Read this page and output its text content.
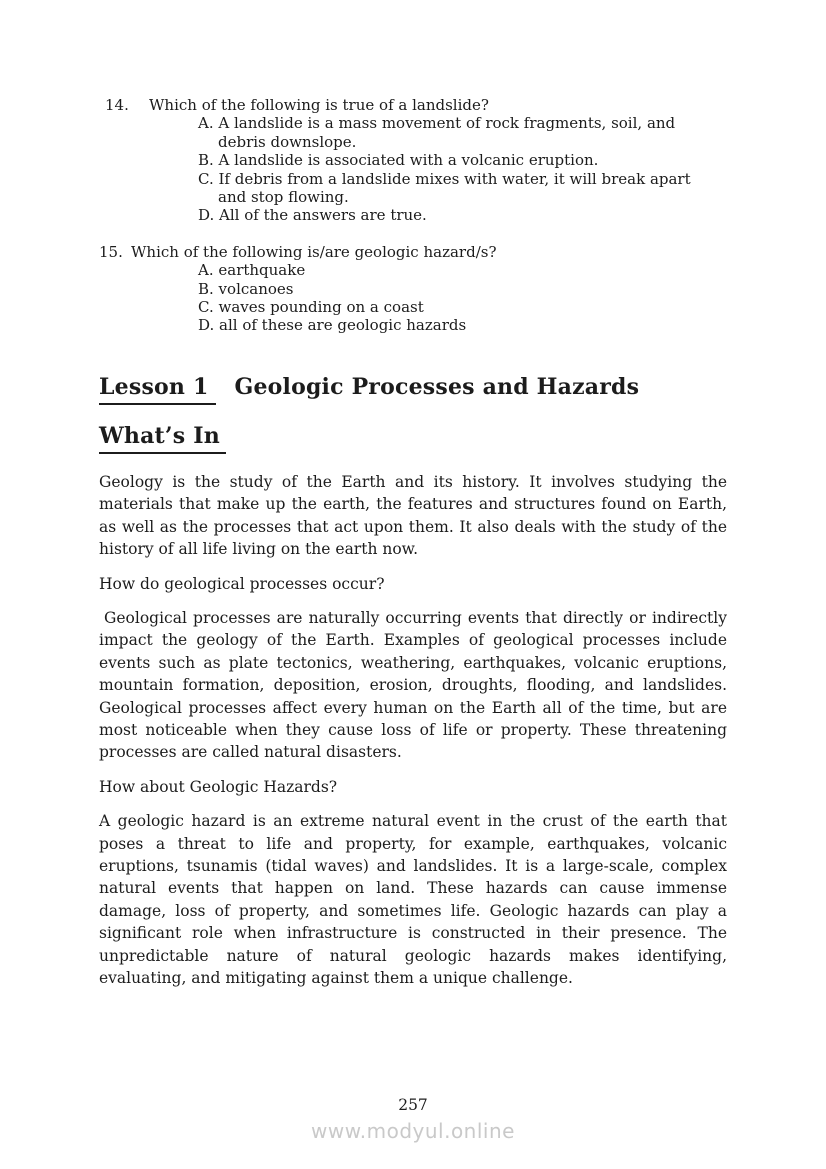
14.	Which of the following is true of a landslide?

A. A landslide is a mass movement of rock fragments, soil, and debris downslope.

B. A landslide is associated with a volcanic eruption.

C. If debris from a landslide mixes with water, it will break apart and stop flowing.

D. All of the answers are true.

15. Which of the following is/are geologic hazard/s?

A. earthquake

B. volcanoes

C. waves pounding on a coast

D. all of these are geologic hazards

Lesson 1 Geologic Processes and Hazards
What’s In

Geology is the study of the Earth and its history. It involves studying the materials that make up the earth, the features and structures found on Earth, as well as the processes that act upon them. It also deals with the study of the history of all life living on the earth now.

How do geological processes occur?

Geological processes are naturally occurring events that directly or indirectly impact the geology of the Earth. Examples of geological processes include events such as plate tectonics, weathering, earthquakes, volcanic eruptions, mountain formation, deposition, erosion, droughts, flooding, and landslides. Geological processes affect every human on the Earth all of the time, but are most noticeable when they cause loss of life or property. These threatening processes are called natural disasters.

How about Geologic Hazards?

A geologic hazard is an extreme natural event in the crust of the earth that poses a threat to life and property, for example, earthquakes, volcanic eruptions, tsunamis (tidal waves) and landslides. It is a large-scale, complex natural events that happen on land. These hazards can cause immense damage, loss of property, and sometimes life. Geologic hazards can play a significant role when infrastructure is constructed in their presence. The unpredictable nature of natural geologic hazards makes identifying, evaluating, and mitigating against them a unique challenge.

257
www.modyul.online
